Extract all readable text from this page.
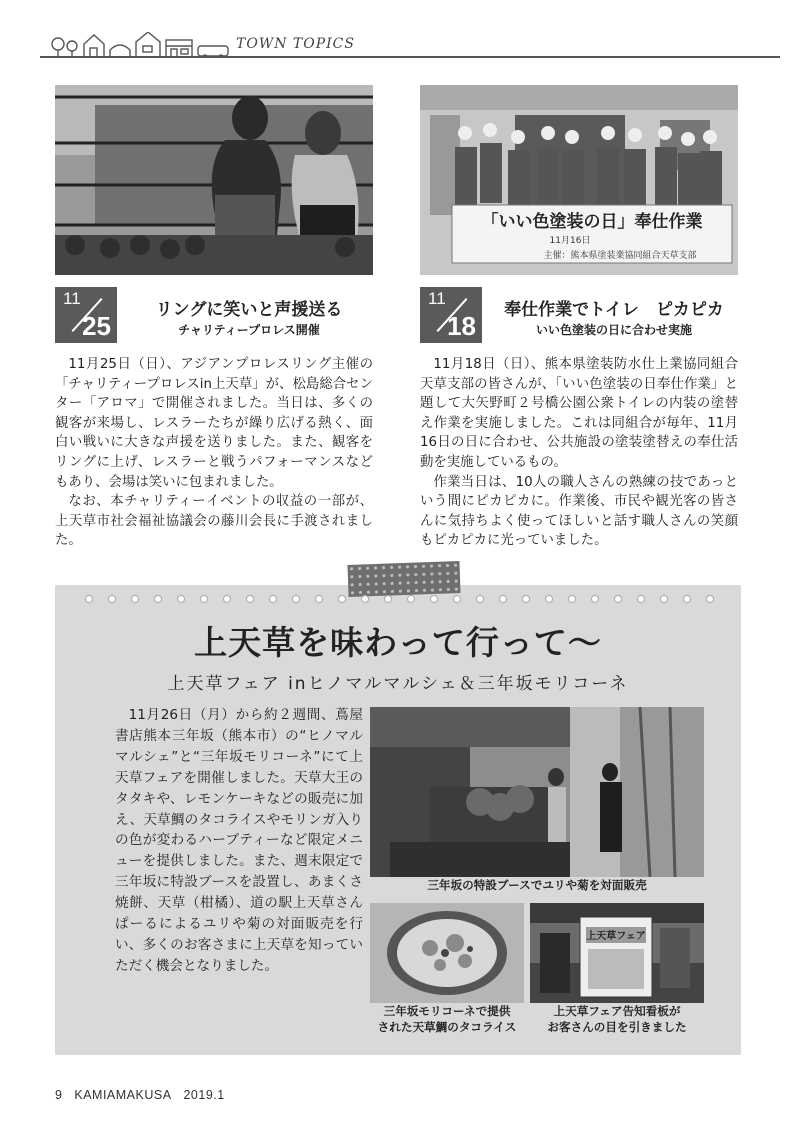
TOWN TOPICS
「いい色塗装の日」奉仕作業
11月16日
主催：熊本県塗装業協同組合天草支部
11
25
リングに笑いと声援送る
チャリティープロレス開催

11月25日（日）、アジアンプロレスリング主催の「チャリティープロレスin上天草」が、松島総合センター「アロマ」で開催されました。当日は、多くの観客が来場し、レスラーたちが繰り広げる熱く、面白い戦いに大きな声援を送りました。また、観客をリングに上げ、レスラーと戦うパフォーマンスなどもあり、会場は笑いに包まれました。

なお、本チャリティーイベントの収益の一部が、上天草市社会福祉協議会の藤川会長に手渡されました。

11
18
奉仕作業でトイレ　ピカピカ
いい色塗装の日に合わせ実施

11月18日（日）、熊本県塗装防水仕上業協同組合天草支部の皆さんが、「いい色塗装の日奉仕作業」と題して大矢野町２号橋公園公衆トイレの内装の塗替え作業を実施しました。これは同組合が毎年、11月16日の日に合わせ、公共施設の塗装塗替えの奉仕活動を実施しているもの。

作業当日は、10人の職人さんの熟練の技であっという間にピカピカに。作業後、市民や観光客の皆さんに気持ちよく使ってほしいと話す職人さんの笑顔もピカピカに光っていました。

上天草を味わって行って～
上天草フェア inヒノマルマルシェ＆三年坂モリコーネ

11月26日（月）から約２週間、蔦屋書店熊本三年坂（熊本市）の“ヒノマルマルシェ”と“三年坂モリコーネ”にて上天草フェアを開催しました。天草大王のタタキや、レモンケーキなどの販売に加え、天草鯛のタコライスやモリンガ入りの色が変わるハーブティーなど限定メニューを提供しました。また、週末限定で三年坂に特設ブースを設置し、あまくさ焼餅、天草（柑橘）、道の駅上天草さんぱーるによるユリや菊の対面販売を行い、多くのお客さまに上天草を知っていただく機会となりました。

三年坂の特設ブースでユリや菊を対面販売
三年坂モリコーネで提供
された天草鯛のタコライス
上天草フェア
上天草フェア告知看板が
お客さんの目を引きました
9 KAMIAMAKUSA 2019.1
